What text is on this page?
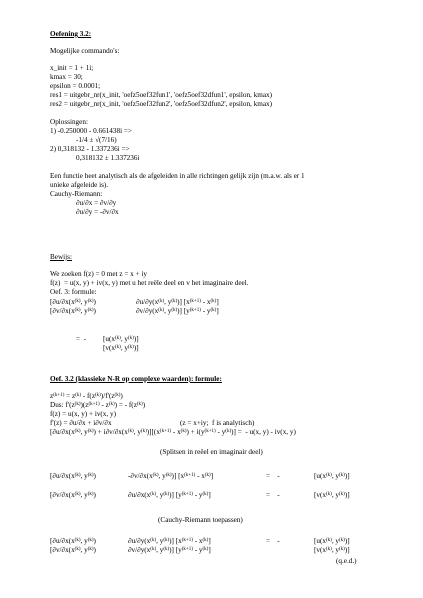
Oefening 3.2:
Mogelijke commando's:
x_init = 1 + 1i;
kmax = 30;
epsilon = 0.0001;
res1 = uitgebr_nr(x_init, 'oefz5oef32fun1', 'oefz5oef32dfun1', epsilon, kmax)
res2 = uitgebr_nr(x_init, 'oefz5oef32fun2', 'oefz5oef32dfun2', epsilon, kmax)
Oplossingen:
1) -0.250000 - 0.661438i =>
-1/4 ± √(7/16)
2) 0,318132 - 1.337236i =>
0,318132 ± 1.337236i
Een functie heet analytisch als de afgeleiden in alle richtingen gelijk zijn (m.a.w. als er 1
unieke afgeleide is).
Cauchy-Riemann:
∂u/∂x = ∂v/∂y
∂u/∂y = -∂v/∂x
Bewijs:
We zoeken f(z) = 0 met z = x + iy
f(z)  = u(x, y) + iv(x, y) met u het reële deel en v het imaginaire deel.
Oef. 3: formule:
[$\partial u/\partial x(x^{(k)}$, $y^{(k)}$)	$\partial u/\partial y(x^{(k)}$, $y^{(k)}$)] $[x^{(k+1)} - x^{(k)}]$
[$\partial v/\partial x(x^{(k)}$, $y^{(k)}$)	$\partial v/\partial y(x^{(k)}$, $y^{(k)}$)] $[y^{(k+1)} - y^{(k)}]$
=  - [$u(x^{(k)}$, $y^{(k)}$)]
[$v(x^{(k)}$, $y^{(k)}$)]
Oef. 3.2 (klassieke N-R op complexe waarden): formule:
$z^{(k+1)} = z^{(k)} - f(z^{(k)})/f'(z^{(k)})$
Dus: $f'(z^{(k)})(z^{(k+1)} - z^{(k)})$ = - $f(z^{(k)})$
f(z) = u(x, y) + iv(x, y)
f'(z) = ∂u/∂x + i∂v/∂x	(z = x+iy;  f is analytisch)
[$\partial u/\partial x(x^{(k)}$, $y^{(k)}) + i\partial v/\partial x(x^{(k)}$, $y^{(k)})][(x^{(k+1)} - x^{(k)}) + i(y^{(k+1)} - y^{(k)})]$ =  - u(x, y) - iv(x, y)
(Splitsen in reëel en imaginair deel)
[$\partial u/\partial x(x^{(k)}$, $y^{(k)}$)	$-\partial v/\partial x(x^{(k)}$, $y^{(k)}$)] $[x^{(k+1)} - x^{(k)}]$	=    -	[$u(x^{(k)}$, $y^{(k)}$)]
[$\partial v/\partial x(x^{(k)}$, $y^{(k)}$)	$\partial u/\partial x(x^{(k)}$, $y^{(k)}$)] $[y^{(k+1)} - y^{(k)}]$	=    -	[$v(x^{(k)}$, $y^{(k)}$)]
(Cauchy-Riemann toepassen)
[$\partial u/\partial x(x^{(k)}$, $y^{(k)}$)	$\partial u/\partial y(x^{(k)}$, $y^{(k)}$)] $[x^{(k+1)} - x^{(k)}]$	=    -	[$u(x^{(k)}$, $y^{(k)}$)]
[$\partial v/\partial x(x^{(k)}$, $y^{(k)}$)	$\partial v/\partial y(x^{(k)}$, $y^{(k)}$)] $[y^{(k+1)} - y^{(k)}]$	[$v(x^{(k)}$, $y^{(k)}$)]
(q.e.d.)
